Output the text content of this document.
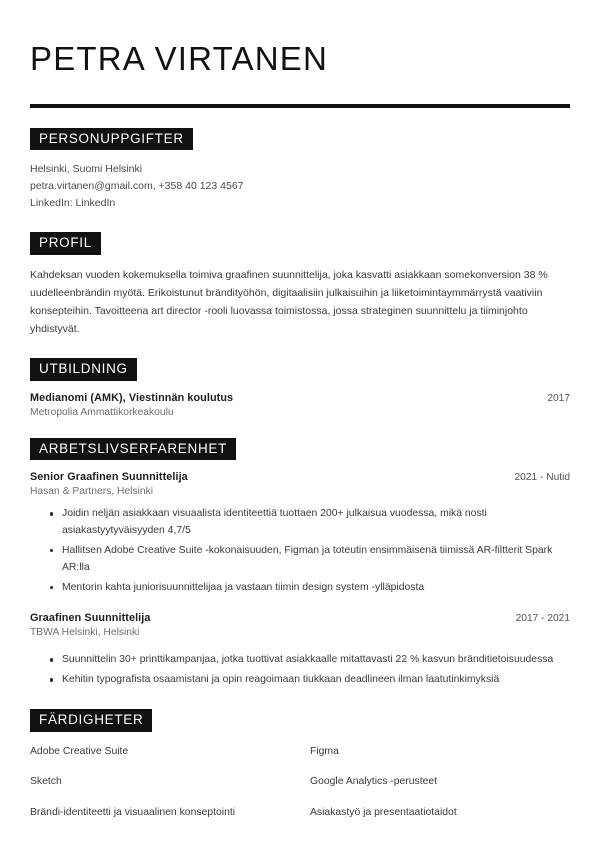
PETRA VIRTANEN
PERSONUPPGIFTER
Helsinki, Suomi Helsinki
petra.virtanen@gmail.com, +358 40 123 4567
LinkedIn: LinkedIn
PROFIL

Kahdeksan vuoden kokemuksella toimiva graafinen suunnittelija, joka kasvatti asiakkaan somekonversion 38 % uudelleenbrändin myötä. Erikoistunut brändityöhön, digitaalisiin julkaisuihin ja liiketoimintaymmärrystä vaativiin konsepteihin. Tavoitteena art director -rooli luovassa toimistossa, jossa strateginen suunnittelu ja tiiminjohto yhdistyvät.

UTBILDNING
Medianomi (AMK), Viestinnän koulutus	2017
Metropolia Ammattikorkeakoulu
ARBETSLIVSERFARENHET
Senior Graafinen Suunnittelija	2021 - Nutid
Hasan & Partners, Helsinki
Joidin neljän asiakkaan visuaalista identiteettiä tuottaen 200+ julkaisua vuodessa, mikä nosti asiakastyytyväisyyden 4,7/5
Hallitsen Adobe Creative Suite -kokonaisuuden, Figman ja toteutin ensimmäisenä tiimissä AR-filtterit Spark AR:lla
Mentorin kahta juniorisuunnittelijaa ja vastaan tiimin design system -ylläpidosta
Graafinen Suunnittelija	2017 - 2021
TBWA Helsinki, Helsinki
Suunnittelin 30+ printtikampanjaa, jotka tuottivat asiakkaalle mitattavasti 22 % kasvun bränditietoisuudessa
Kehitin typografista osaamistani ja opin reagoimaan tiukkaan deadlineen ilman laatutinkimyksiä
FÄRDIGHETER
Adobe Creative Suite	Figma
Sketch	Google Analytics -perusteet
Brändi-identiteetti ja visuaalinen konseptointi	Asiakastyö ja presentaatiotaidot
